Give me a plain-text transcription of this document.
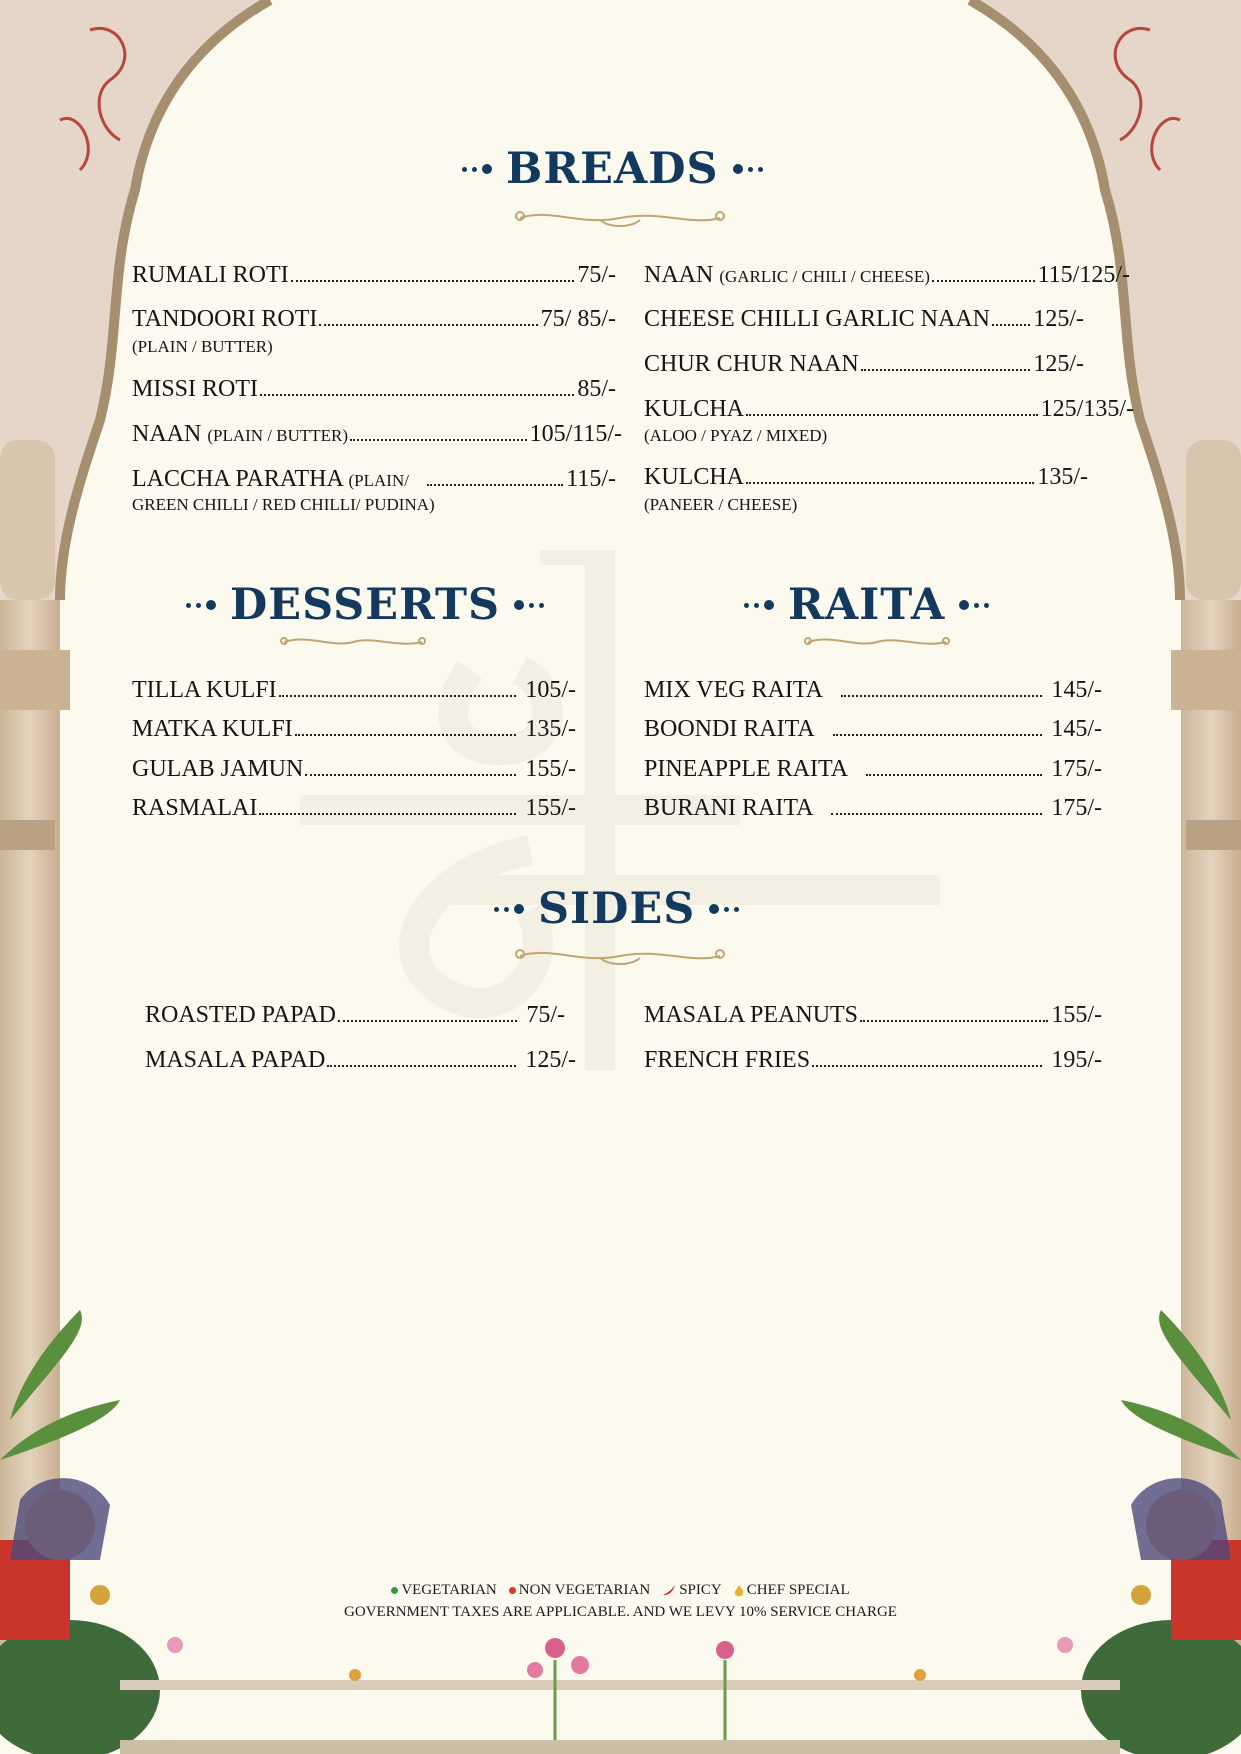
BREADS
RUMALI ROTI	75/-
TANDOORI ROTI	75/ 85/-
(PLAIN / BUTTER)
MISSI ROTI	85/-
NAAN (PLAIN / BUTTER)	105/115/-
LACCHA PARATHA (PLAIN/	115/-
GREEN CHILLI / RED CHILLI/ PUDINA)
NAAN (GARLIC / CHILI / CHEESE)	115/125/-
CHEESE CHILLI GARLIC NAAN 125/-
CHUR CHUR NAAN	125/-
KULCHA	125/135/-
(ALOO / PYAZ / MIXED)
KULCHA	135/-
(PANEER / CHEESE)
DESSERTS	RAITA
TILLA KULFI	105/-
MATKA KULFI	135/-
GULAB JAMUN	155/-
RASMALAI	155/-
MIX VEG RAITA	145/-
BOONDI RAITA	145/-
PINEAPPLE RAITA	175/-
BURANI RAITA	175/-
SIDES
ROASTED PAPAD	75/-
MASALA PAPAD	125/-
MASALA PEANUTS	155/-
FRENCH FRIES	195/-
VEGETARIAN NON VEGETARIAN SPICY CHEF SPECIAL
GOVERNMENT TAXES ARE APPLICABLE. AND WE LEVY 10% SERVICE CHARGE
